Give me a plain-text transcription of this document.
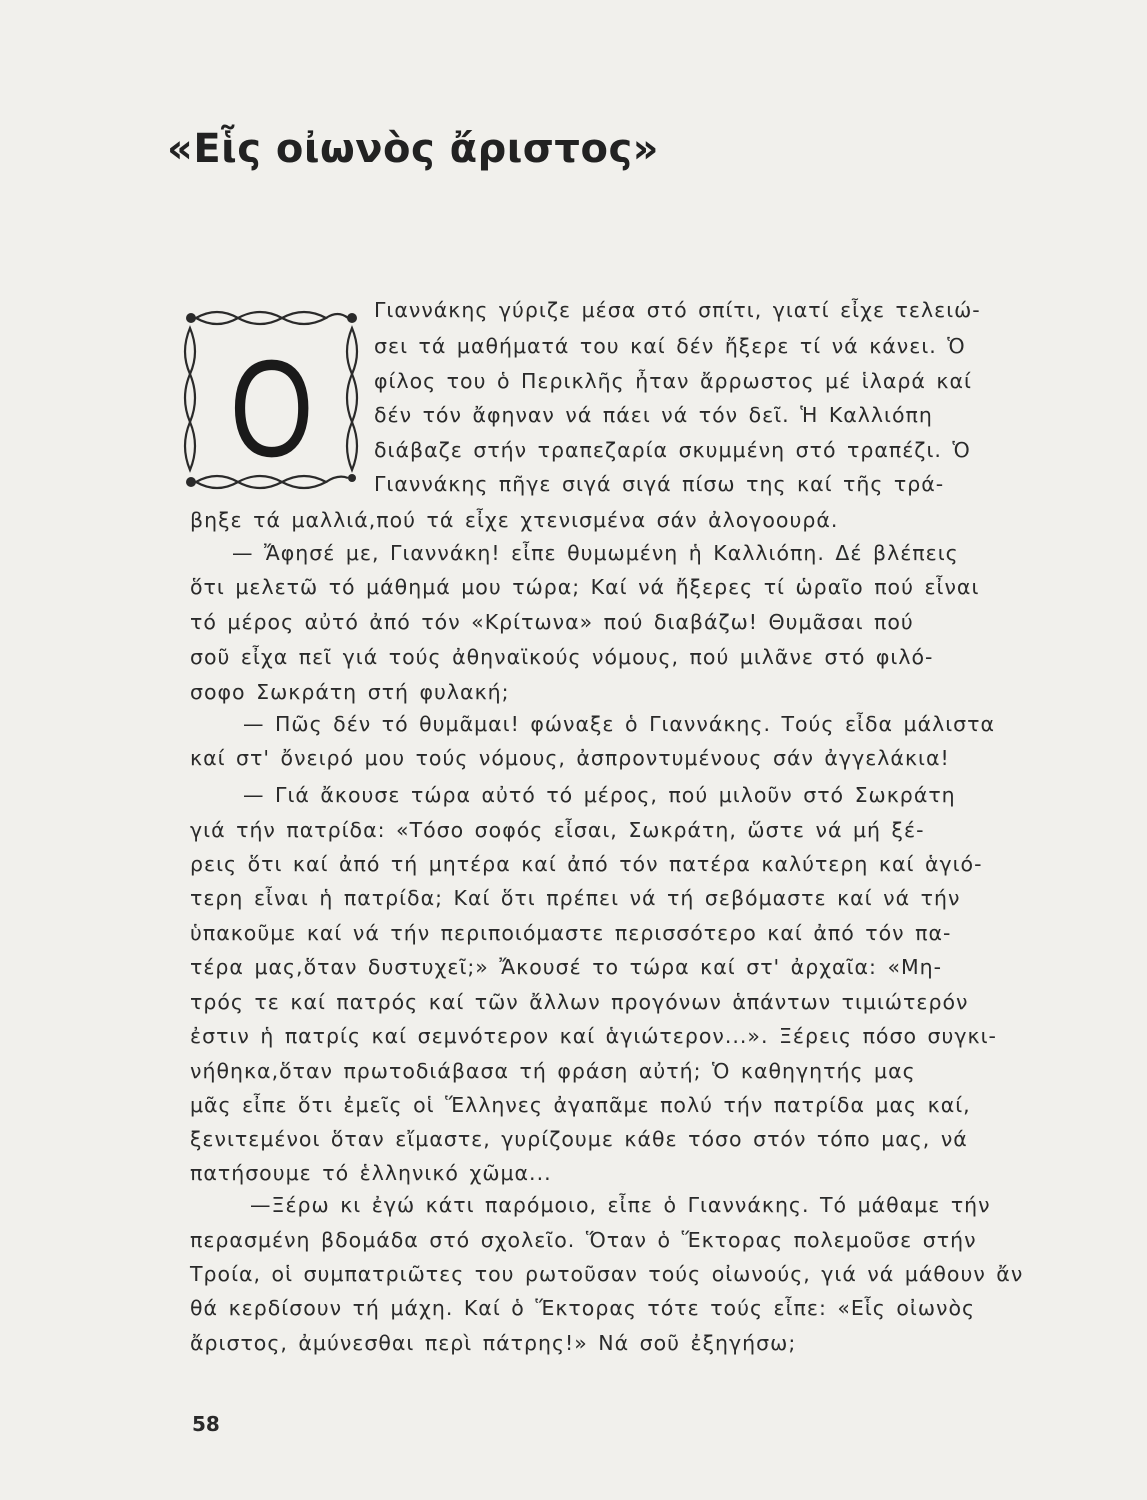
«Εἷς οἰωνὸς ἄριστος»
Ο
Γιαννάκης γύριζε μέσα στό σπίτι, γιατί εἶχε τελειώ-
σει τά μαθήματά του καί δέν ἤξερε τί νά κάνει. Ὁ
φίλος του ὁ Περικλῆς ἦταν ἄρρωστος μέ ἱλαρά καί
δέν τόν ἄφηναν νά πάει νά τόν δεῖ. Ἡ Καλλιόπη
διάβαζε στήν τραπεζαρία σκυμμένη στό τραπέζι. Ὁ
Γιαννάκης πῆγε σιγά σιγά πίσω της καί τῆς τρά-
βηξε τά μαλλιά,πού τά εἶχε χτενισμένα σάν ἀλογοουρά.
— Ἄφησέ με, Γιαννάκη! εἶπε θυμωμένη ἡ Καλλιόπη. Δέ βλέπεις
ὅτι μελετῶ τό μάθημά μου τώρα; Καί νά ἤξερες τί ὡραῖο πού εἶναι
τό μέρος αὐτό ἀπό τόν «Κρίτωνα» πού διαβάζω! Θυμᾶσαι πού
σοῦ εἶχα πεῖ γιά τούς ἀθηναϊκούς νόμους, πού μιλᾶνε στό φιλό-
σοφο Σωκράτη στή φυλακή;
— Πῶς δέν τό θυμᾶμαι! φώναξε ὁ Γιαννάκης. Τούς εἶδα μάλιστα
καί στ' ὄνειρό μου τούς νόμους, ἀσπροντυμένους σάν ἀγγελάκια!
— Γιά ἄκουσε τώρα αὐτό τό μέρος, πού μιλοῦν στό Σωκράτη
γιά τήν πατρίδα: «Τόσο σοφός εἶσαι, Σωκράτη, ὥστε νά μή ξέ-
ρεις ὅτι καί ἀπό τή μητέρα καί ἀπό τόν πατέρα καλύτερη καί ἁγιό-
τερη εἶναι ἡ πατρίδα; Καί ὅτι πρέπει νά τή σεβόμαστε καί νά τήν
ὑπακοῦμε καί νά τήν περιποιόμαστε περισσότερο καί ἀπό τόν πα-
τέρα μας,ὅταν δυστυχεῖ;» Ἄκουσέ το τώρα καί στ' ἀρχαῖα: «Μη-
τρός τε καί πατρός καί τῶν ἄλλων προγόνων ἁπάντων τιμιώτερόν
ἐστιν ἡ πατρίς καί σεμνότερον καί ἁγιώτερον...». Ξέρεις πόσο συγκι-
νήθηκα,ὅταν πρωτοδιάβασα τή φράση αὐτή; Ὁ καθηγητής μας
μᾶς εἶπε ὅτι ἐμεῖς οἱ Ἕλληνες ἀγαπᾶμε πολύ τήν πατρίδα μας καί,
ξενιτεμένοι ὅταν εἴμαστε, γυρίζουμε κάθε τόσο στόν τόπο μας, νά
πατήσουμε τό ἑλληνικό χῶμα...
—Ξέρω κι ἐγώ κάτι παρόμοιο, εἶπε ὁ Γιαννάκης. Τό μάθαμε τήν
περασμένη βδομάδα στό σχολεῖο. Ὅταν ὁ Ἕκτορας πολεμοῦσε στήν
Τροία, οἱ συμπατριῶτες του ρωτοῦσαν τούς οἰωνούς, γιά νά μάθουν ἄν
θά κερδίσουν τή μάχη. Καί ὁ Ἕκτορας τότε τούς εἶπε: «Εἷς οἰωνὸς
ἄριστος, ἀμύνεσθαι περὶ πάτρης!» Νά σοῦ ἐξηγήσω;
58
